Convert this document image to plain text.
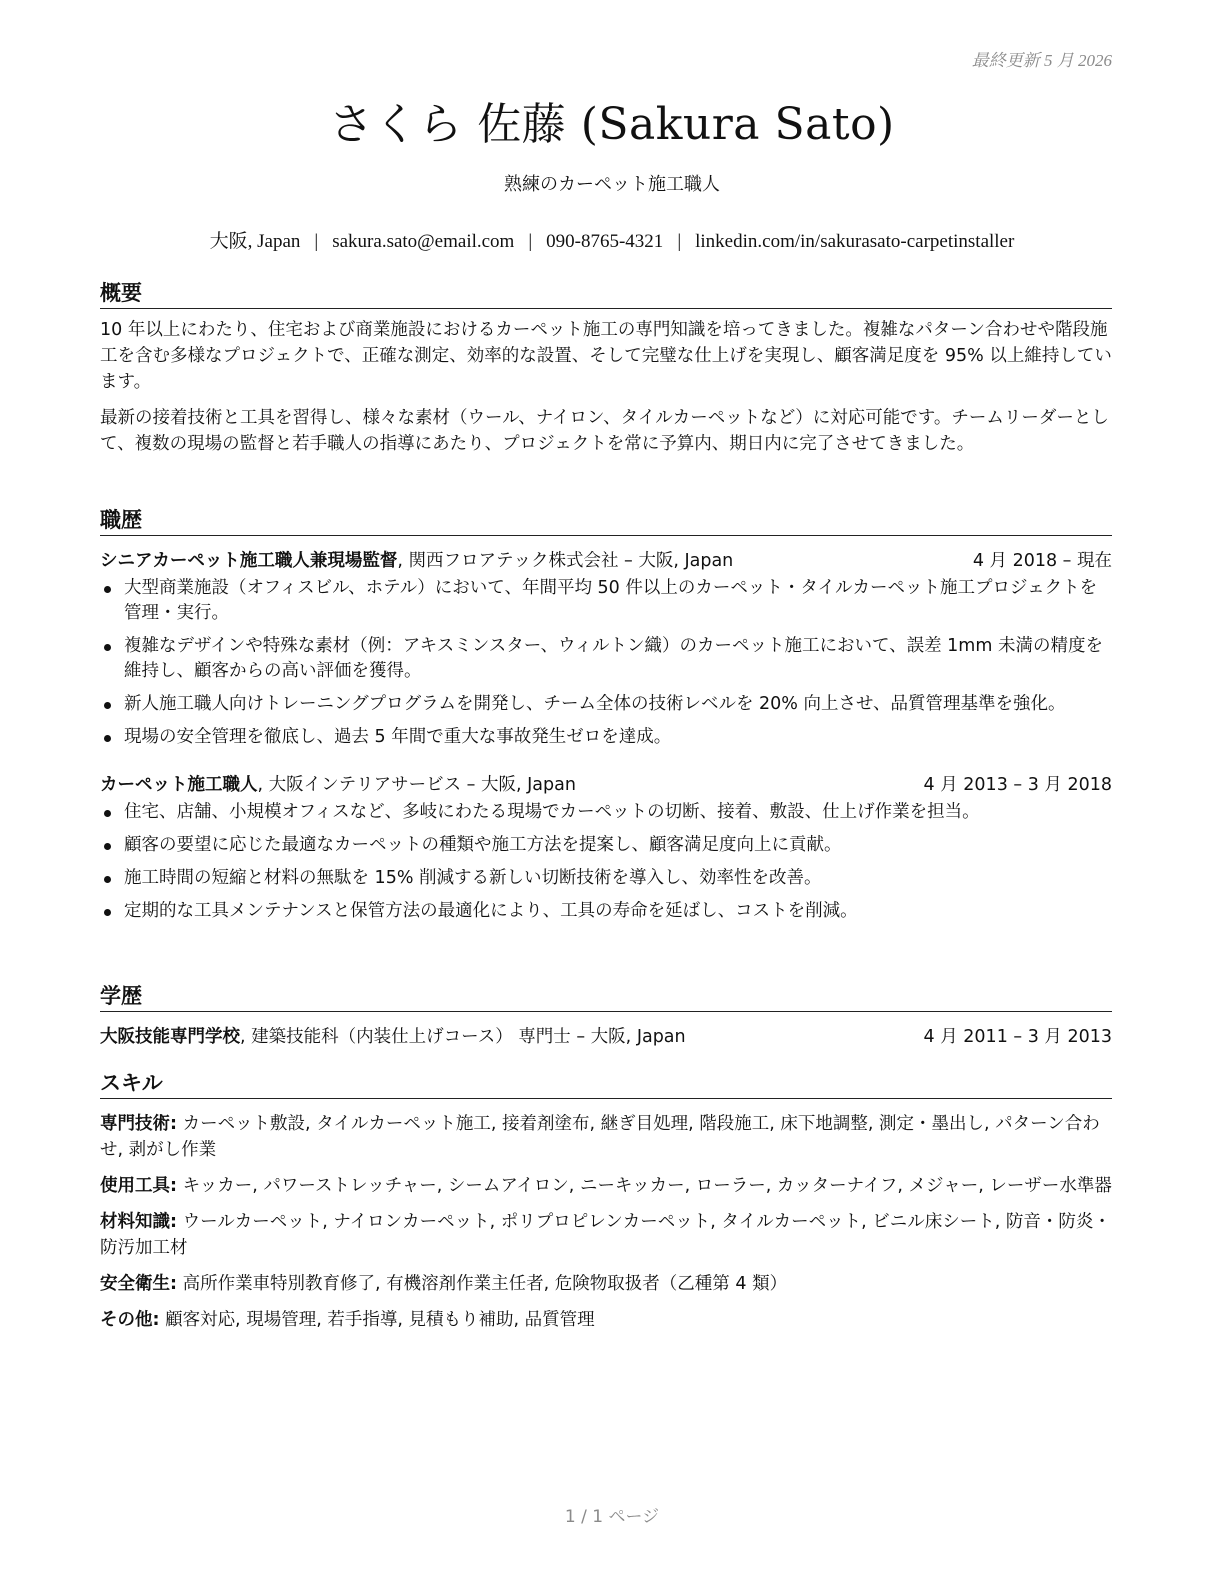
最終更新 5 月 2026
さくら 佐藤 (Sakura Sato)
熟練のカーペット施工職人
大阪, Japan | sakura.sato@email.com | 090-8765-4321 | linkedin.com/in/sakurasato-carpetinstaller
概要

10 年以上にわたり、住宅および商業施設におけるカーペット施工の専門知識を培ってきました。複雑なパターン合わせや階段施工を含む多様なプロジェクトで、正確な測定、効率的な設置、そして完璧な仕上げを実現し、顧客満足度を 95% 以上維持しています。

最新の接着技術と工具を習得し、様々な素材（ウール、ナイロン、タイルカーペットなど）に対応可能です。チームリーダーとして、複数の現場の監督と若手職人の指導にあたり、プロジェクトを常に予算内、期日内に完了させてきました。

職歴
シニアカーペット施工職人兼現場監督, 関西フロアテック株式会社 – 大阪, Japan	4 月 2018 – 現在
大型商業施設（オフィスビル、ホテル）において、年間平均 50 件以上のカーペット・タイルカーペット施工プロジェクトを管理・実行。
複雑なデザインや特殊な素材（例：アキスミンスター、ウィルトン織）のカーペット施工において、誤差 1mm 未満の精度を維持し、顧客からの高い評価を獲得。
新人施工職人向けトレーニングプログラムを開発し、チーム全体の技術レベルを 20% 向上させ、品質管理基準を強化。
現場の安全管理を徹底し、過去 5 年間で重大な事故発生ゼロを達成。
カーペット施工職人, 大阪インテリアサービス – 大阪, Japan	4 月 2013 – 3 月 2018
住宅、店舗、小規模オフィスなど、多岐にわたる現場でカーペットの切断、接着、敷設、仕上げ作業を担当。
顧客の要望に応じた最適なカーペットの種類や施工方法を提案し、顧客満足度向上に貢献。
施工時間の短縮と材料の無駄を 15% 削減する新しい切断技術を導入し、効率性を改善。
定期的な工具メンテナンスと保管方法の最適化により、工具の寿命を延ばし、コストを削減。
学歴
大阪技能専門学校, 建築技能科（内装仕上げコース） 専門士 – 大阪, Japan	4 月 2011 – 3 月 2013
スキル

専門技術: カーペット敷設, タイルカーペット施工, 接着剤塗布, 継ぎ目処理, 階段施工, 床下地調整, 測定・墨出し, パターン合わせ, 剥がし作業

使用工具: キッカー, パワーストレッチャー, シームアイロン, ニーキッカー, ローラー, カッターナイフ, メジャー, レーザー水準器

材料知識: ウールカーペット, ナイロンカーペット, ポリプロピレンカーペット, タイルカーペット, ビニル床シート, 防音・防炎・防汚加工材

安全衛生: 高所作業車特別教育修了, 有機溶剤作業主任者, 危険物取扱者（乙種第 4 類）

その他: 顧客対応, 現場管理, 若手指導, 見積もり補助, 品質管理

1 / 1 ページ
